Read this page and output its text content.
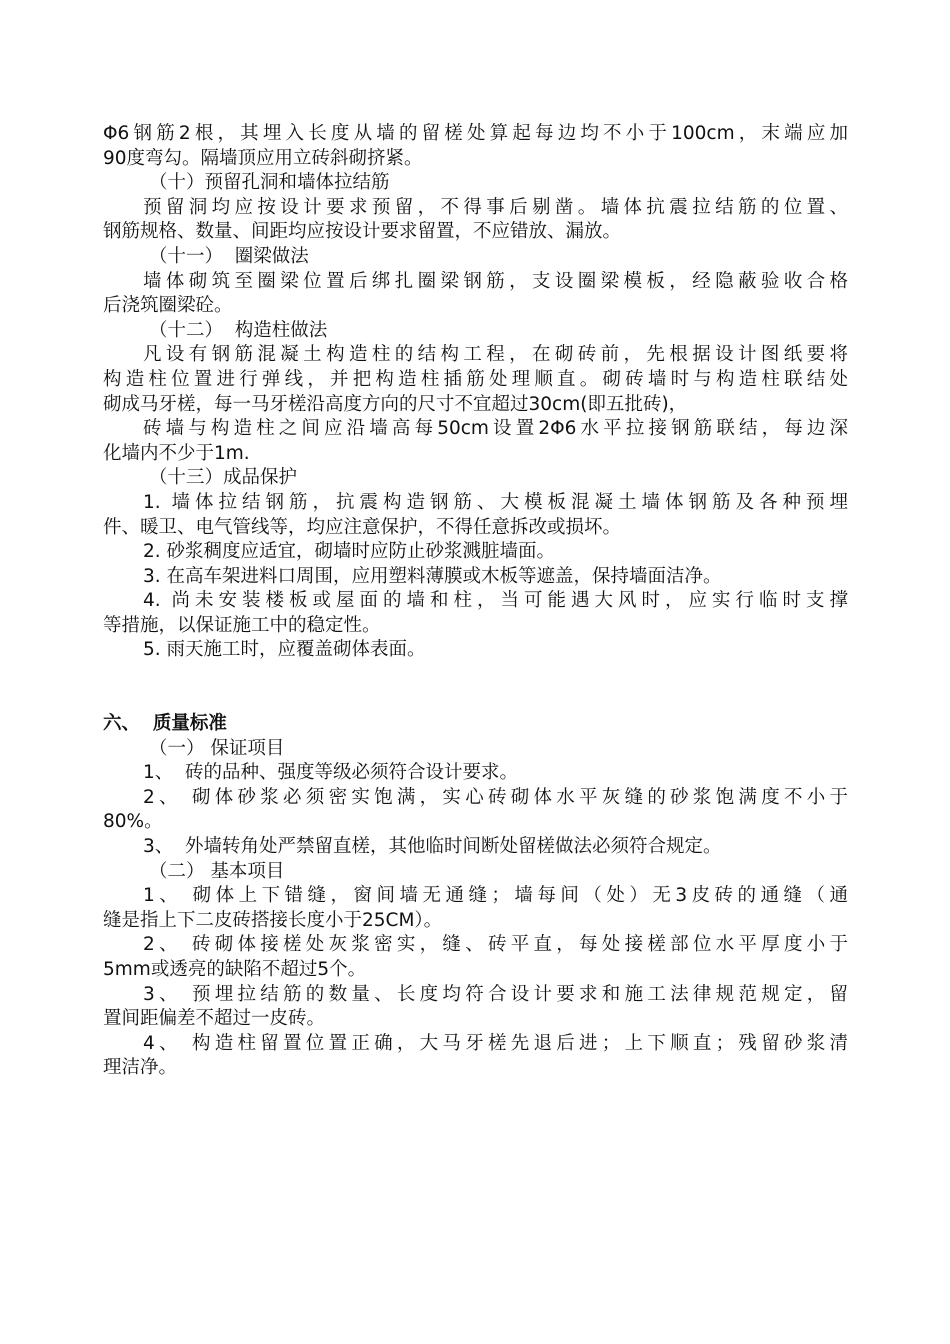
Φ6钢筋2根，其埋入长度从墙的留槎处算起每边均不小于100cm，末端应加
90度弯勾。隔墙顶应用立砖斜砌挤紧。
（十）预留孔洞和墙体拉结筋
预留洞均应按设计要求预留，不得事后剔凿。墙体抗震拉结筋的位置、
钢筋规格、数量、间距均应按设计要求留置，不应错放、漏放。
（十一）  圈梁做法
墙体砌筑至圈梁位置后绑扎圈梁钢筋，支设圈梁模板，经隐蔽验收合格
后浇筑圈梁砼。
（十二）  构造柱做法
凡设有钢筋混凝土构造柱的结构工程，在砌砖前，先根据设计图纸要将
构造柱位置进行弹线，并把构造柱插筋处理顺直。砌砖墙时与构造柱联结处
砌成马牙槎，每一马牙槎沿高度方向的尺寸不宜超过30cm(即五批砖)，
砖墙与构造柱之间应沿墙高每50cm设置2Φ6水平拉接钢筋联结，每边深
化墙内不少于1m.
（十三）成品保护
1. 墙体拉结钢筋，抗震构造钢筋、大模板混凝土墙体钢筋及各种预埋
件、暖卫、电气管线等，均应注意保护，不得任意拆改或损坏。
2. 砂浆稠度应适宜，砌墙时应防止砂浆溅脏墙面。
3. 在高车架进料口周围，应用塑料薄膜或木板等遮盖，保持墙面洁净。
4. 尚未安装楼板或屋面的墙和柱，当可能遇大风时，应实行临时支撑
等措施，以保证施工中的稳定性。
5. 雨天施工时，应覆盖砌体表面。
六、  质量标准
（一） 保证项目
1、  砖的品种、强度等级必须符合设计要求。
2、 砌体砂浆必须密实饱满，实心砖砌体水平灰缝的砂浆饱满度不小于
80%。
3、  外墙转角处严禁留直槎，其他临时间断处留槎做法必须符合规定。
（二） 基本项目
1、 砌体上下错缝，窗间墙无通缝；墙每间（处）无3皮砖的通缝（通
缝是指上下二皮砖搭接长度小于25CM）。
2、 砖砌体接槎处灰浆密实，缝、砖平直，每处接槎部位水平厚度小于
5mm或透亮的缺陷不超过5个。
3、 预埋拉结筋的数量、长度均符合设计要求和施工法律规范规定，留
置间距偏差不超过一皮砖。
4、 构造柱留置位置正确，大马牙槎先退后进；上下顺直；残留砂浆清
理洁净。
